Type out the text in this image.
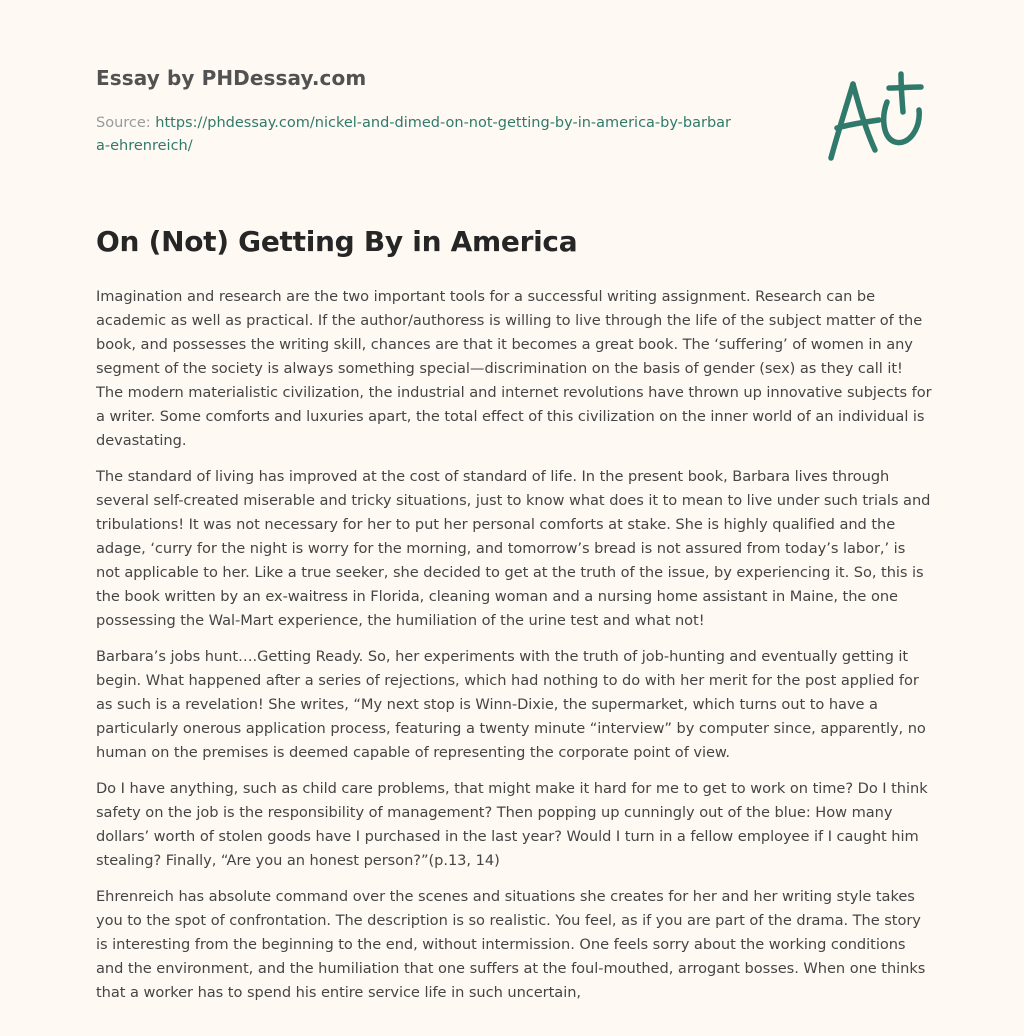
Essay by PHDessay.com
Source: https://phdessay.com/nickel-and-dimed-on-not-getting-by-in-america-by-barbara-ehrenreich/
On (Not) Getting By in America

Imagination and research are the two important tools for a successful writing assignment. Research can be academic as well as practical. If the author/authoress is willing to live through the life of the subject matter of the book, and possesses the writing skill, chances are that it becomes a great book. The ‘suffering’ of women in any segment of the society is always something special—discrimination on the basis of gender (sex) as they call it! The modern materialistic civilization, the industrial and internet revolutions have thrown up innovative subjects for a writer. Some comforts and luxuries apart, the total effect of this civilization on the inner world of an individual is devastating.

The standard of living has improved at the cost of standard of life. In the present book, Barbara lives through several self-created miserable and tricky situations, just to know what does it to mean to live under such trials and tribulations! It was not necessary for her to put her personal comforts at stake. She is highly qualified and the adage, ‘curry for the night is worry for the morning, and tomorrow’s bread is not assured from today’s labor,’ is not applicable to her. Like a true seeker, she decided to get at the truth of the issue, by experiencing it. So, this is the book written by an ex-waitress in Florida, cleaning woman and a nursing home assistant in Maine, the one possessing the Wal-Mart experience, the humiliation of the urine test and what not!

Barbara’s jobs hunt….Getting Ready. So, her experiments with the truth of job-hunting and eventually getting it begin. What happened after a series of rejections, which had nothing to do with her merit for the post applied for as such is a revelation! She writes, “My next stop is Winn-Dixie, the supermarket, which turns out to have a particularly onerous application process, featuring a twenty minute “interview” by computer since, apparently, no human on the premises is deemed capable of representing the corporate point of view.

Do I have anything, such as child care problems, that might make it hard for me to get to work on time? Do I think safety on the job is the responsibility of management? Then popping up cunningly out of the blue: How many dollars’ worth of stolen goods have I purchased in the last year? Would I turn in a fellow employee if I caught him stealing? Finally, “Are you an honest person?”(p.13, 14)

Ehrenreich has absolute command over the scenes and situations she creates for her and her writing style takes you to the spot of confrontation. The description is so realistic. You feel, as if you are part of the drama. The story is interesting from the beginning to the end, without intermission. One feels sorry about the working conditions and the environment, and the humiliation that one suffers at the foul-mouthed, arrogant bosses. When one thinks that a worker has to spend his entire service life in such uncertain,
